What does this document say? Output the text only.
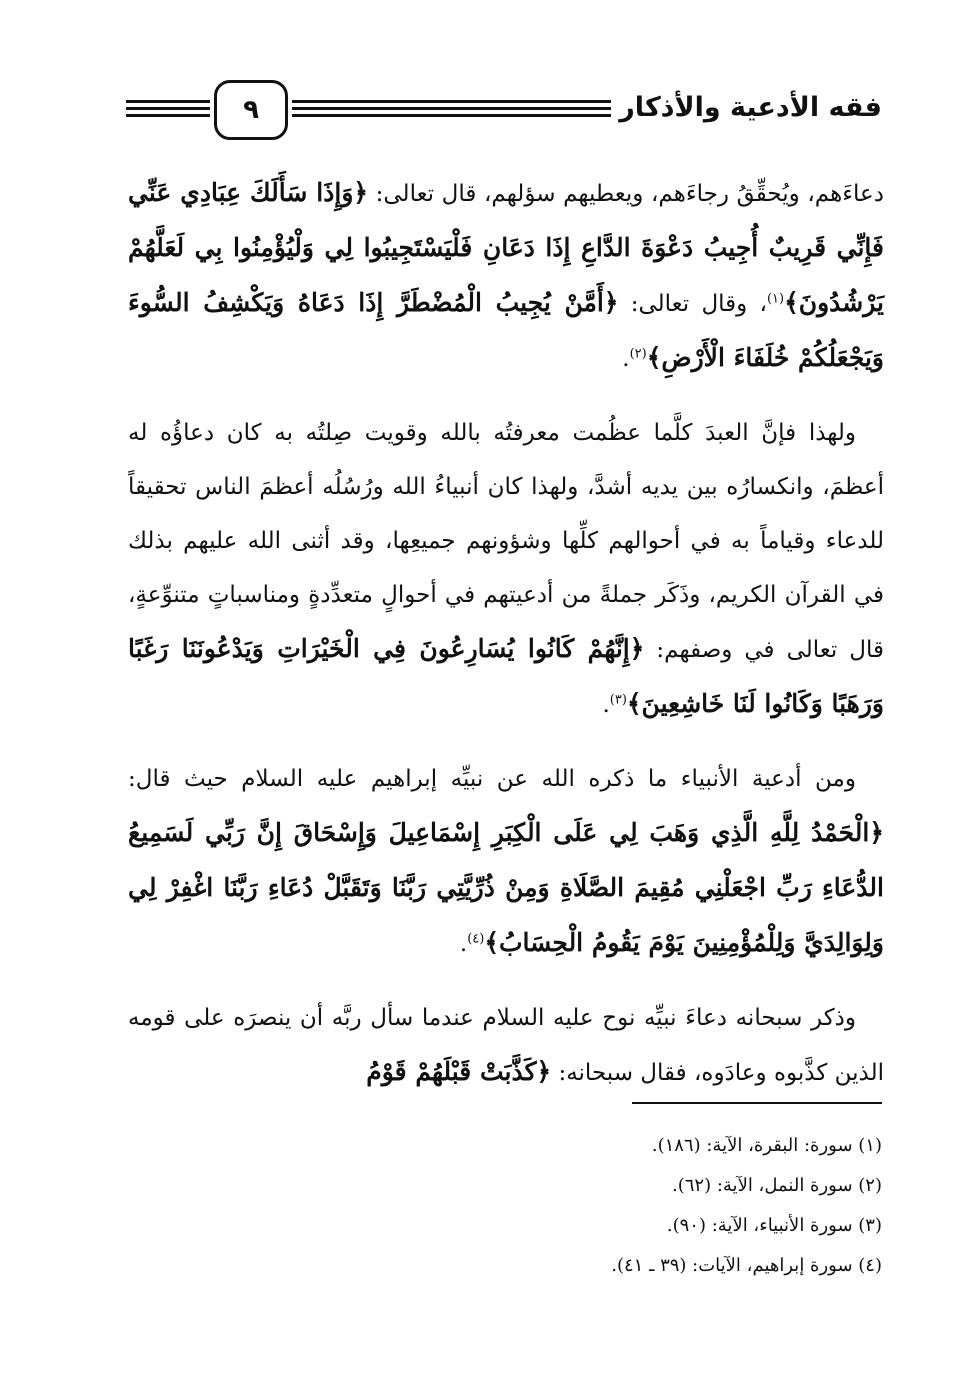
٩	فقه الأدعية والأذكار

دعاءَهم، ويُحقِّقُ رجاءَهم، ويعطيهم سؤلهم، قال تعالى: ﴿وَإِذَا سَأَلَكَ عِبَادِي عَنِّي فَإِنِّي قَرِيبٌ أُجِيبُ دَعْوَةَ الدَّاعِ إِذَا دَعَانِ فَلْيَسْتَجِيبُوا لِي وَلْيُؤْمِنُوا بِي لَعَلَّهُمْ يَرْشُدُونَ﴾$^{(١)}$، وقال تعالى: ﴿أَمَّنْ يُجِيبُ الْمُضْطَرَّ إِذَا دَعَاهُ وَيَكْشِفُ السُّوءَ وَيَجْعَلُكُمْ خُلَفَاءَ الْأَرْضِ﴾$^{(٢)}$.

ولهذا فإنَّ العبدَ كلَّما عظُمت معرفتُه بالله وقويت صِلتُه به كان دعاؤُه له أعظمَ، وانكسارُه بين يديه أشدَّ، ولهذا كان أنبياءُ الله ورُسُلُه أعظمَ الناس تحقيقاً للدعاء وقياماً به في أحوالهم كلِّها وشؤونهم جميعِها، وقد أثنى الله عليهم بذلك في القرآن الكريم، وذَكَر جملةً من أدعيتهم في أحوالٍ متعدِّدةٍ ومناسباتٍ متنوِّعةٍ، قال تعالى في وصفهم: ﴿إِنَّهُمْ كَانُوا يُسَارِعُونَ فِي الْخَيْرَاتِ وَيَدْعُونَنَا رَغَبًا وَرَهَبًا وَكَانُوا لَنَا خَاشِعِينَ﴾$^{(٣)}$.

ومن أدعية الأنبياء ما ذكره الله عن نبيِّه إبراهيم عليه السلام حيث قال: ﴿الْحَمْدُ لِلَّهِ الَّذِي وَهَبَ لِي عَلَى الْكِبَرِ إِسْمَاعِيلَ وَإِسْحَاقَ إِنَّ رَبِّي لَسَمِيعُ الدُّعَاءِ رَبِّ اجْعَلْنِي مُقِيمَ الصَّلَاةِ وَمِنْ ذُرِّيَّتِي رَبَّنَا وَتَقَبَّلْ دُعَاءِ رَبَّنَا اغْفِرْ لِي وَلِوَالِدَيَّ وَلِلْمُؤْمِنِينَ يَوْمَ يَقُومُ الْحِسَابُ﴾$^{(٤)}$.

وذكر سبحانه دعاءَ نبيِّه نوح عليه السلام عندما سأل ربَّه أن ينصرَه على قومه الذين كذَّبوه وعادَوه، فقال سبحانه: ﴿كَذَّبَتْ قَبْلَهُمْ قَوْمُ

(١) سورة: البقرة، الآية: (١٨٦).
(٢) سورة النمل، الآية: (٦٢).
(٣) سورة الأنبياء، الآية: (٩٠).
(٤) سورة إبراهيم، الآيات: (٣٩ ـ ٤١).
